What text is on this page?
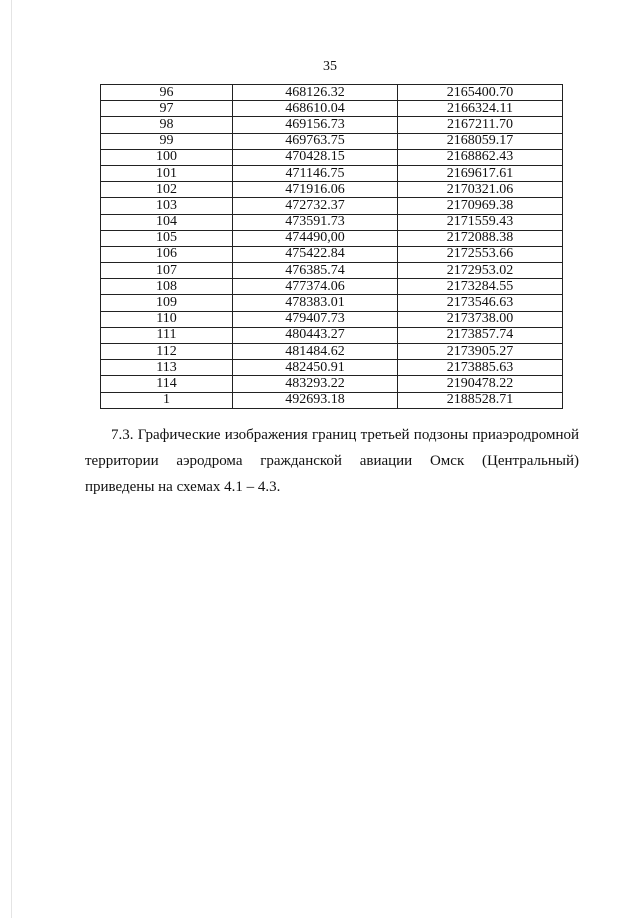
35
96	468126.32	2165400.70
97	468610.04	2166324.11
98	469156.73	2167211.70
99	469763.75	2168059.17
100	470428.15	2168862.43
101	471146.75	2169617.61
102	471916.06	2170321.06
103	472732.37	2170969.38
104	473591.73	2171559.43
105	474490,00	2172088.38
106	475422.84	2172553.66
107	476385.74	2172953.02
108	477374.06	2173284.55
109	478383.01	2173546.63
110	479407.73	2173738.00
111	480443.27	2173857.74
112	481484.62	2173905.27
113	482450.91	2173885.63
114	483293.22	2190478.22
1	492693.18	2188528.71

7.3. Графические изображения границ третьей подзоны приаэродромной территории аэродрома гражданской авиации Омск (Центральный) приведены на схемах 4.1 – 4.3.
